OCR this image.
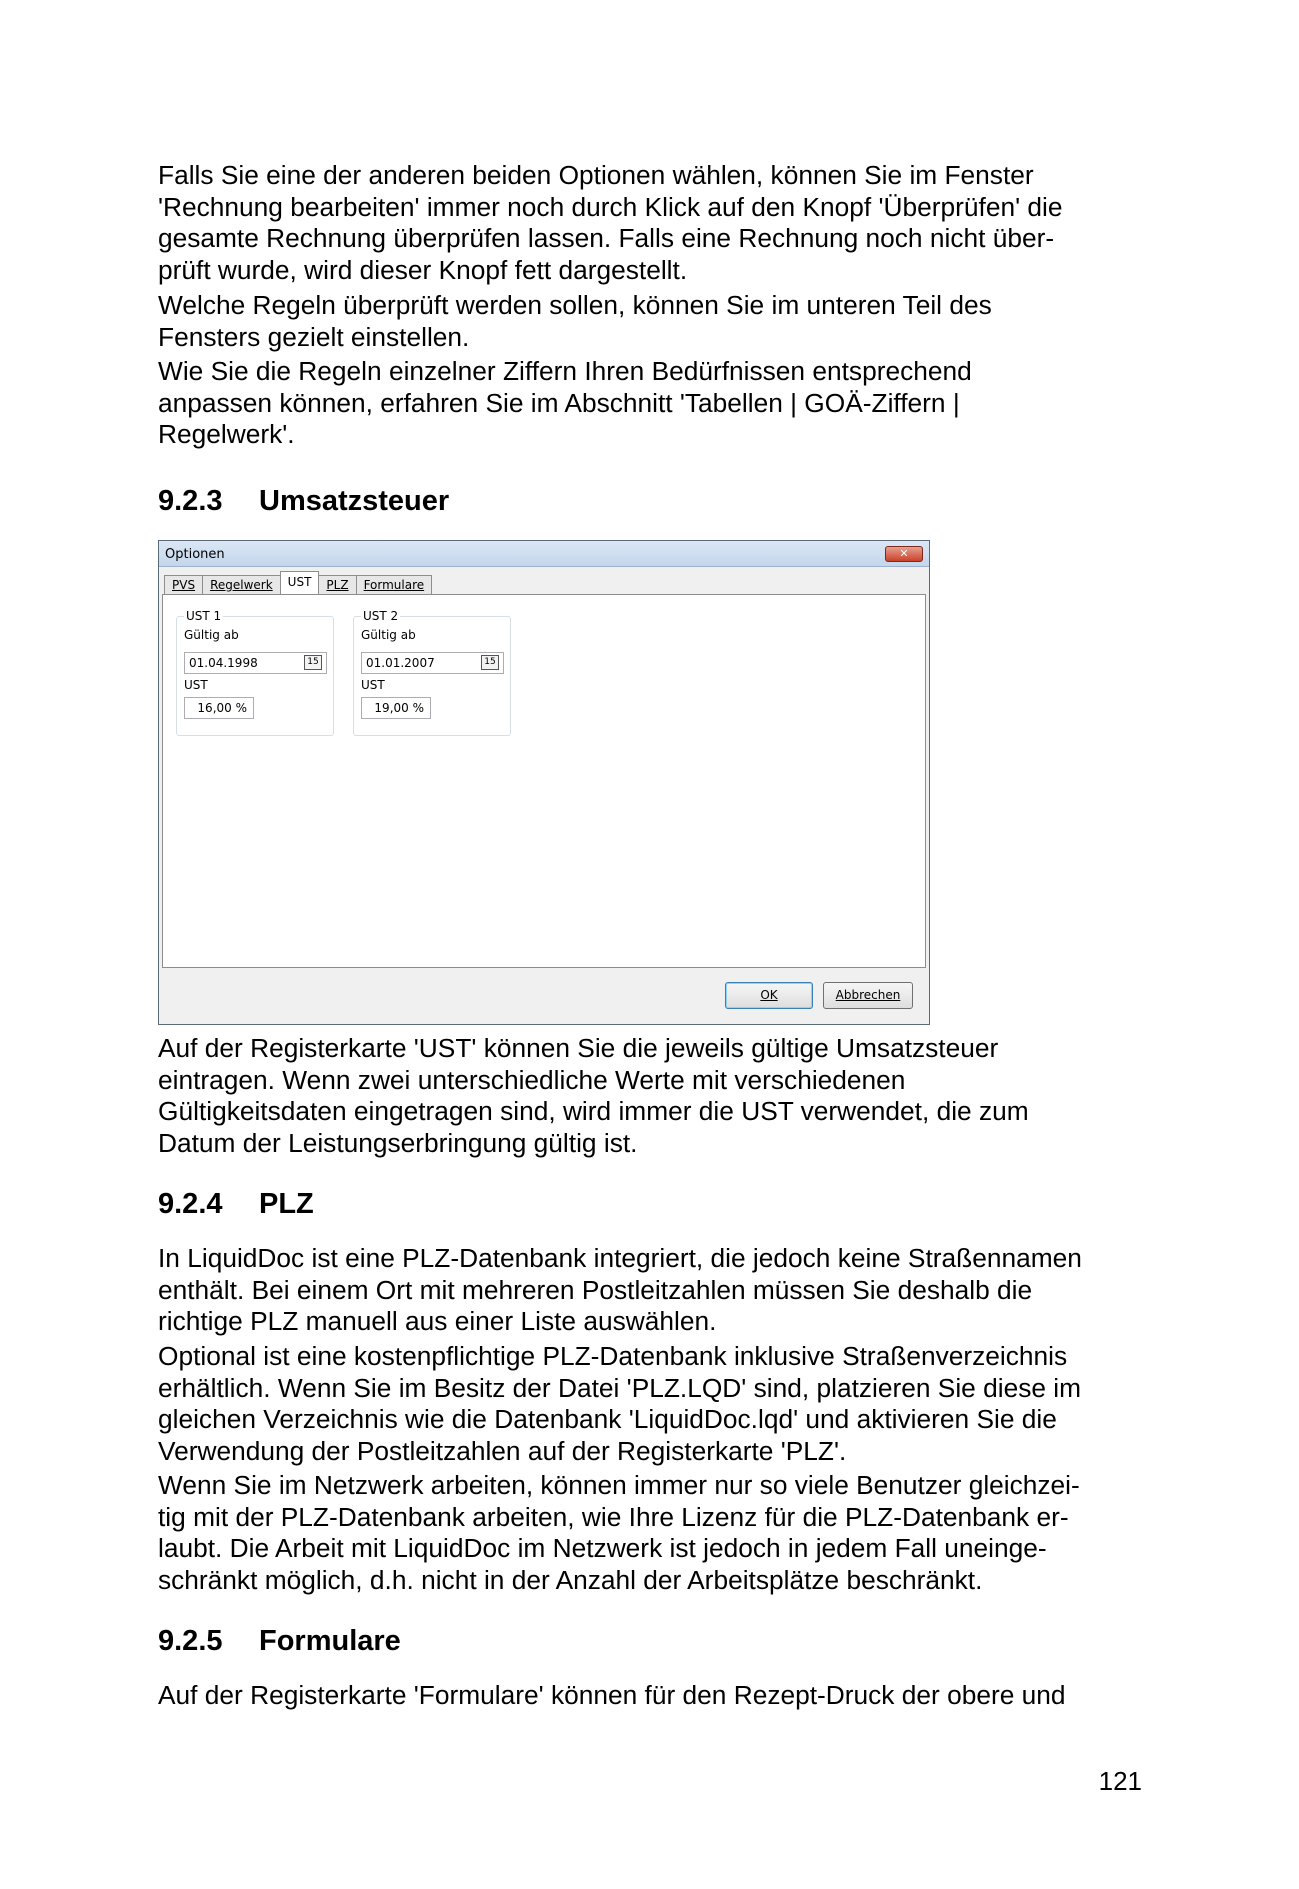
Falls Sie eine der anderen beiden Optionen wählen, können Sie im Fenster
'Rechnung bearbeiten' immer noch durch Klick auf den Knopf 'Überprüfen' die
gesamte Rechnung überprüfen lassen. Falls eine Rechnung noch nicht über-
prüft wurde, wird dieser Knopf fett dargestellt.
Welche Regeln überprüft werden sollen, können Sie im unteren Teil des
Fensters gezielt einstellen.
Wie Sie die Regeln einzelner Ziffern Ihren Bedürfnissen entsprechend
anpassen können, erfahren Sie im Abschnitt 'Tabellen | GOÄ-Ziffern |
Regelwerk'.
9.2.3 Umsatzsteuer
Optionen	✕
PVS	Regelwerk	UST	PLZ	Formulare
UST 1
Gültig ab
01.04.1998	15
UST
16,00 %
UST 2
Gültig ab
01.01.2007	15
UST
19,00 %
OK	Abbrechen
Auf der Registerkarte 'UST' können Sie die jeweils gültige Umsatzsteuer
eintragen. Wenn zwei unterschiedliche Werte mit verschiedenen
Gültigkeitsdaten eingetragen sind, wird immer die UST verwendet, die zum
Datum der Leistungserbringung gültig ist.
9.2.4 PLZ
In LiquidDoc ist eine PLZ-Datenbank integriert, die jedoch keine Straßennamen
enthält. Bei einem Ort mit mehreren Postleitzahlen müssen Sie deshalb die
richtige PLZ manuell aus einer Liste auswählen.
Optional ist eine kostenpflichtige PLZ-Datenbank inklusive Straßenverzeichnis
erhältlich. Wenn Sie im Besitz der Datei 'PLZ.LQD' sind, platzieren Sie diese im
gleichen Verzeichnis wie die Datenbank 'LiquidDoc.lqd' und aktivieren Sie die
Verwendung der Postleitzahlen auf der Registerkarte 'PLZ'.
Wenn Sie im Netzwerk arbeiten, können immer nur so viele Benutzer gleichzei-
tig mit der PLZ-Datenbank arbeiten, wie Ihre Lizenz für die PLZ-Datenbank er-
laubt. Die Arbeit mit LiquidDoc im Netzwerk ist jedoch in jedem Fall uneinge-
schränkt möglich, d.h. nicht in der Anzahl der Arbeitsplätze beschränkt.
9.2.5 Formulare
Auf der Registerkarte 'Formulare' können für den Rezept-Druck der obere und
121
